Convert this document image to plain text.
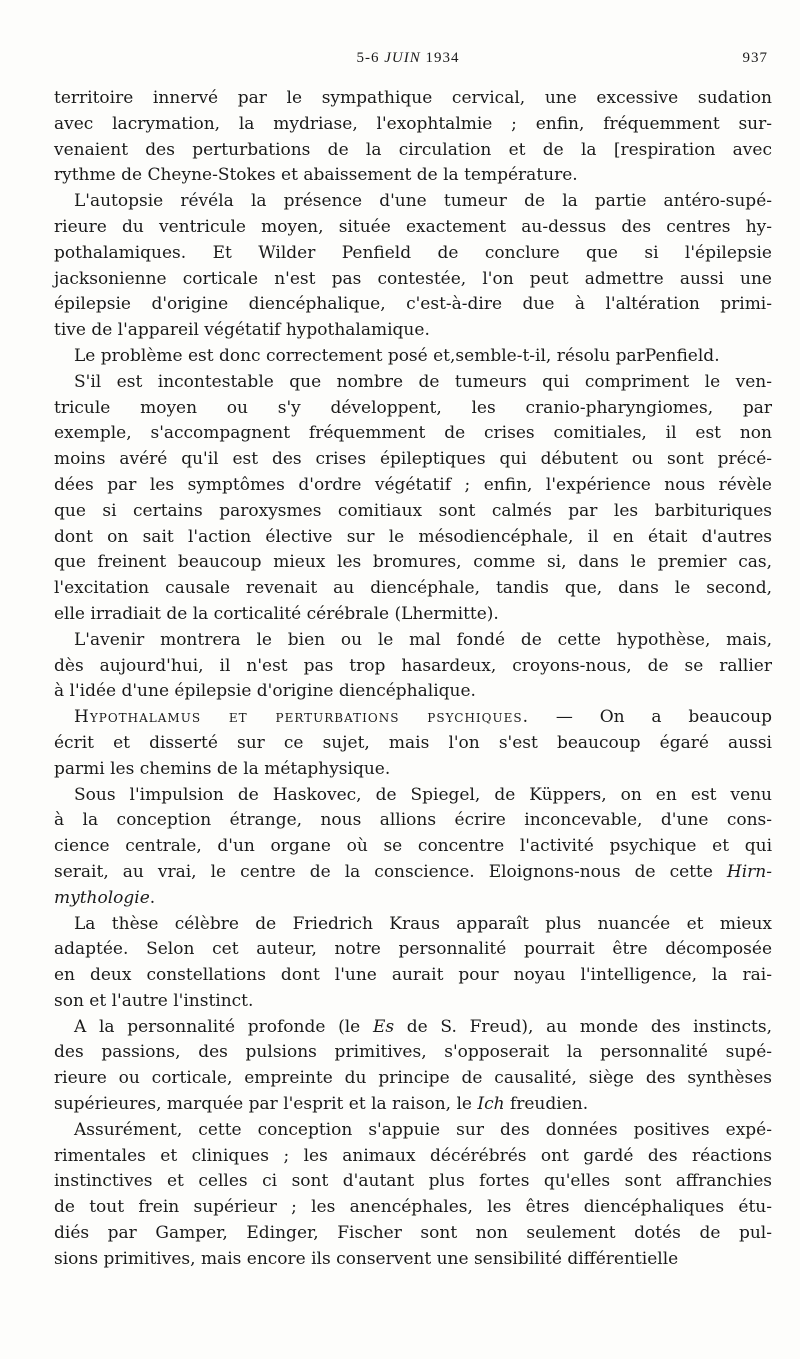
5-6 JUIN 1934	937

territoire innervé par le sympathique cervical, une excessive sudation

avec lacrymation, la mydriase, l'exophtalmie ; enfin, fréquemment sur-

venaient des perturbations de la circulation et de la [respiration avec

rythme de Cheyne-Stokes et abaissement de la température.

L'autopsie révéla la présence d'une tumeur de la partie antéro-supé-

rieure du ventricule moyen, située exactement au-dessus des centres hy-

pothalamiques. Et Wilder Penfield de conclure que si l'épilepsie

jacksonienne corticale n'est pas contestée, l'on peut admettre aussi une

épilepsie d'origine diencéphalique, c'est-à-dire due à l'altération primi-

tive de l'appareil végétatif hypothalamique.

Le problème est donc correctement posé et,semble-t-il, résolu parPenfield.

S'il est incontestable que nombre de tumeurs qui compriment le ven-

tricule moyen ou s'y développent, les cranio-pharyngiomes, par

exemple, s'accompagnent fréquemment de crises comitiales, il est non

moins avéré qu'il est des crises épileptiques qui débutent ou sont précé-

dées par les symptômes d'ordre végétatif ; enfin, l'expérience nous révèle

que si certains paroxysmes comitiaux sont calmés par les barbituriques

dont on sait l'action élective sur le mésodiencéphale, il en était d'autres

que freinent beaucoup mieux les bromures, comme si, dans le premier cas,

l'excitation causale revenait au diencéphale, tandis que, dans le second,

elle irradiait de la corticalité cérébrale (Lhermitte).

L'avenir montrera le bien ou le mal fondé de cette hypothèse, mais,

dès aujourd'hui, il n'est pas trop hasardeux, croyons-nous, de se rallier

à l'idée d'une épilepsie d'origine diencéphalique.

Hypothalamus et perturbations psychiques. — On a beaucoup

écrit et disserté sur ce sujet, mais l'on s'est beaucoup égaré aussi

parmi les chemins de la métaphysique.

Sous l'impulsion de Haskovec, de Spiegel, de Küppers, on en est venu

à la conception étrange, nous allions écrire inconcevable, d'une cons-

cience centrale, d'un organe où se concentre l'activité psychique et qui

serait, au vrai, le centre de la conscience. Eloignons-nous de cette Hirn-

mythologie.

La thèse célèbre de Friedrich Kraus apparaît plus nuancée et mieux

adaptée. Selon cet auteur, notre personnalité pourrait être décomposée

en deux constellations dont l'une aurait pour noyau l'intelligence, la rai-

son et l'autre l'instinct.

A la personnalité profonde (le Es de S. Freud), au monde des instincts,

des passions, des pulsions primitives, s'opposerait la personnalité supé-

rieure ou corticale, empreinte du principe de causalité, siège des synthèses

supérieures, marquée par l'esprit et la raison, le Ich freudien.

Assurément, cette conception s'appuie sur des données positives expé-

rimentales et cliniques ; les animaux décérébrés ont gardé des réactions

instinctives et celles ci sont d'autant plus fortes qu'elles sont affranchies

de tout frein supérieur ; les anencéphales, les êtres diencéphaliques étu-

diés par Gamper, Edinger, Fischer sont non seulement dotés de pul-

sions primitives, mais encore ils conservent une sensibilité différentielle
